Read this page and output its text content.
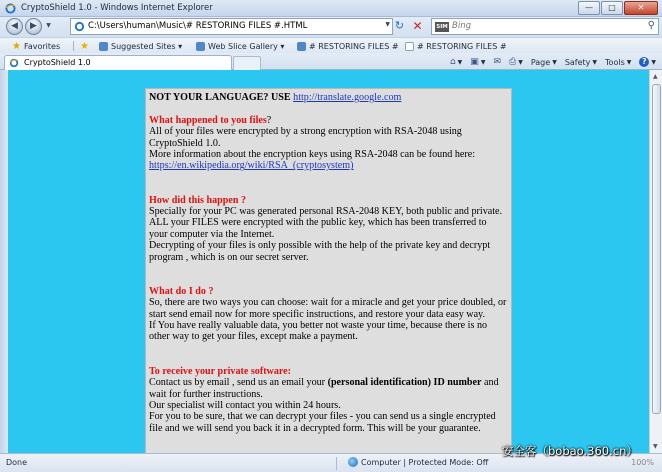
CryptoShield 1.0 - Windows Internet Explorer	—	□	✕
◀	▶	▼	C:\Users\human\Music\# RESTORING FILES #.HTML	▼ ↻ ✕	SIM Bing	⚲
★ Favorites ★	Suggested Sites ▾	Web Slice Gallery ▾	# RESTORING FILES # # RESTORING FILES #
CryptoShield 1.0	⌂ ▼ ▣ ▼ ✉ ⎙ ▼ Page ▼ Safety ▼ Tools ▼	? ▼

NOT YOUR LANGUAGE? USE http://translate.google.com

What happened to you files?

All of your files were encrypted by a strong encryption with RSA-2048 using CryptoShield 1.0.

More information about the encryption keys using RSA-2048 can be found here: https://en.wikipedia.org/wiki/RSA_(cryptosystem)

How did this happen ?

Specially for your PC was generated personal RSA-2048 KEY, both public and private.

ALL your FILES were encrypted with the public key, which has been transferred to your computer via the Internet.

Decrypting of your files is only possible with the help of the private key and decrypt program , which is on our secret server.

What do I do ?

So, there are two ways you can choose: wait for a miracle and get your price doubled, or start send email now for more specific instructions, and restore your data easy way.

If You have really valuable data, you better not waste your time, because there is no other way to get your files, except make a payment.

To receive your private software:

Contact us by email , send us an email your (personal identification) ID number and wait for further instructions.

Our specialist will contact you within 24 hours.

For you to be sure, that we can decrypt your files - you can send us a single encrypted file and we will send you back it in a decrypted form. This will be your guarantee.

▲
▼
Done	Computer | Protected Mode: Off	100%
安全客（bobao.360.cn）
